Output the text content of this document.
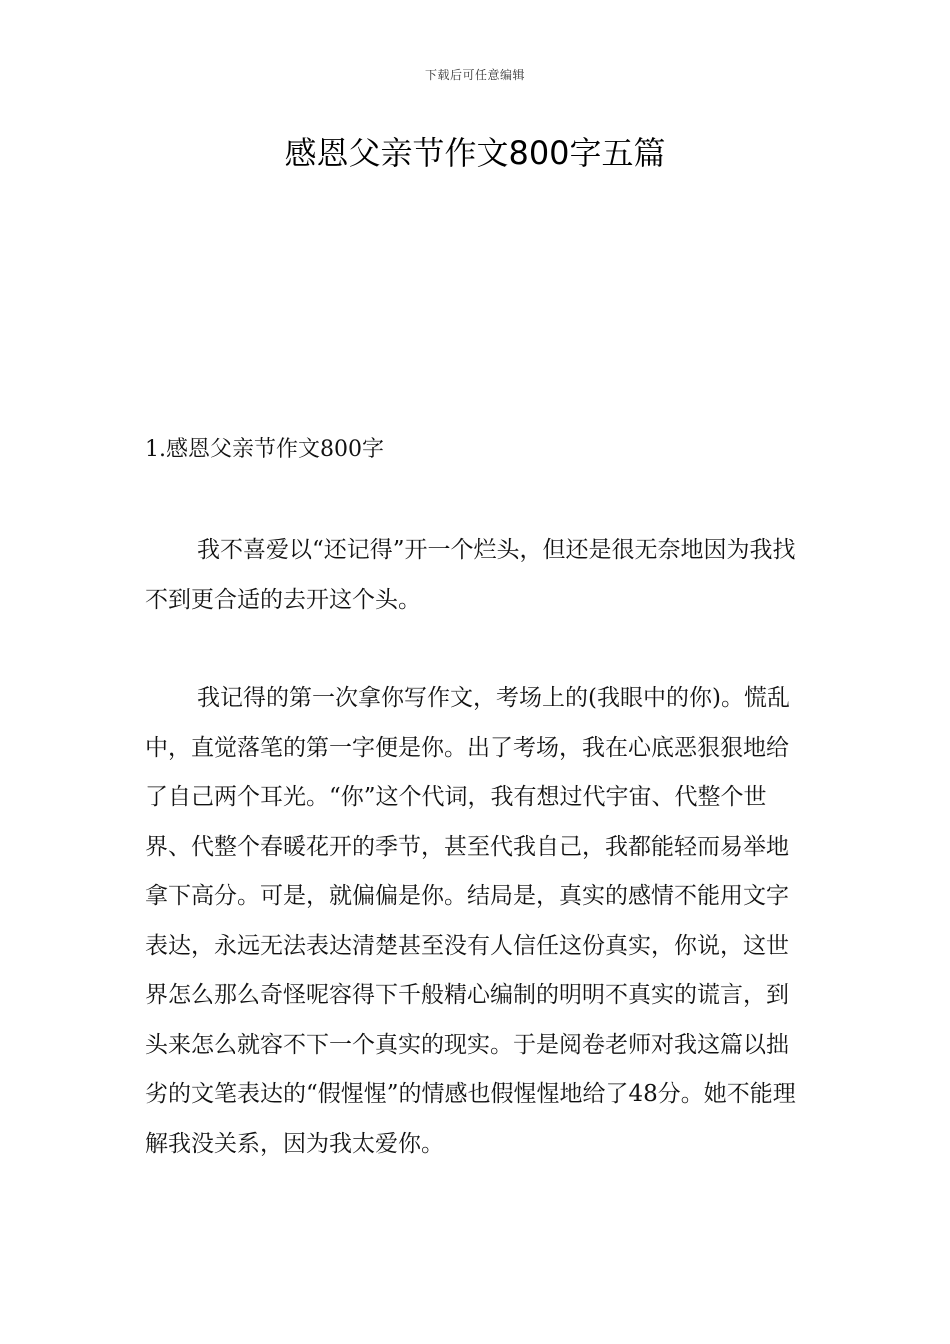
下载后可任意编辑
感恩父亲节作文800字五篇
1.感恩父亲节作文800字

我不喜爱以“还记得”开一个烂头，但还是很无奈地因为我找不到更合适的去开这个头。

我记得的第一次拿你写作文，考场上的(我眼中的你)。慌乱中，直觉落笔的第一字便是你。出了考场，我在心底恶狠狠地给了自己两个耳光。“你”这个代词，我有想过代宇宙、代整个世界、代整个春暖花开的季节，甚至代我自己，我都能轻而易举地拿下高分。可是，就偏偏是你。结局是，真实的感情不能用文字表达，永远无法表达清楚甚至没有人信任这份真实，你说，这世界怎么那么奇怪呢容得下千般精心编制的明明不真实的谎言，到头来怎么就容不下一个真实的现实。于是阅卷老师对我这篇以拙劣的文笔表达的“假惺惺”的情感也假惺惺地给了48分。她不能理解我没关系，因为我太爱你。
